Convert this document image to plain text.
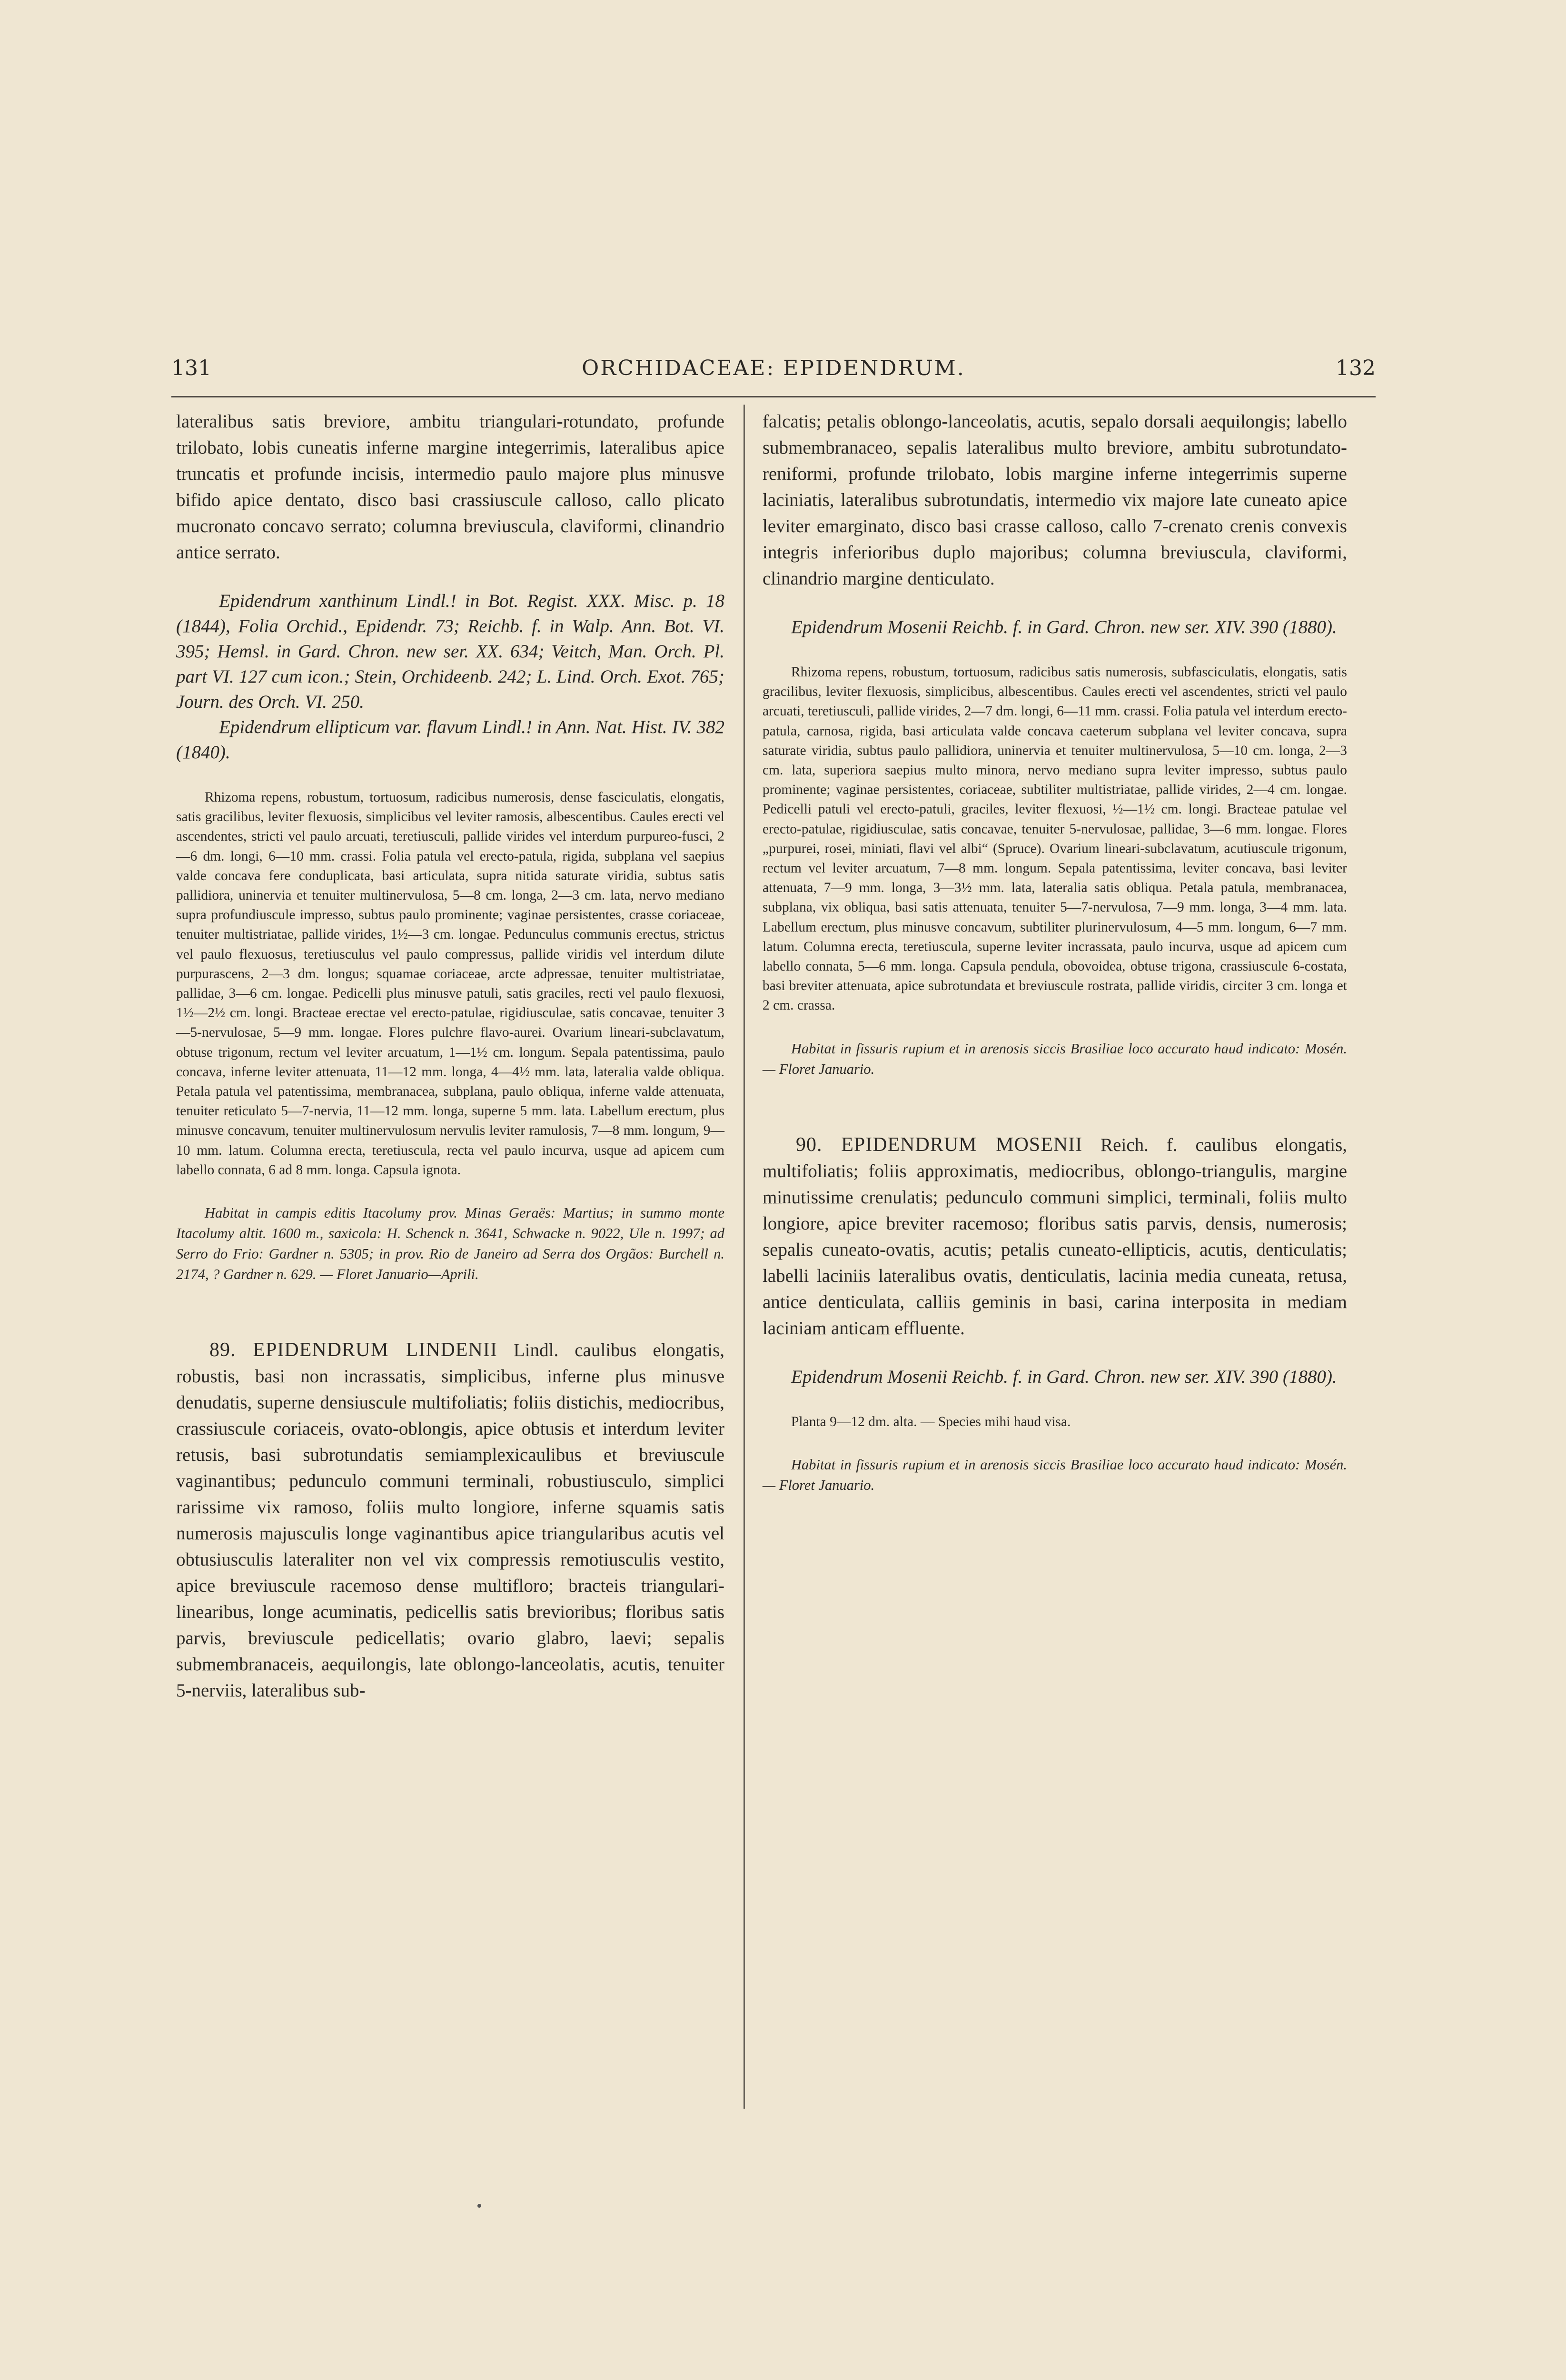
131	ORCHIDACEAE: EPIDENDRUM.	132

lateralibus satis breviore, ambitu triangulari-rotundato, profunde trilobato, lobis cuneatis inferne margine integerrimis, lateralibus apice truncatis et profunde incisis, intermedio paulo majore plus minusve bifido apice dentato, disco basi crassiuscule calloso, callo plicato mucronato concavo serrato; columna breviuscula, claviformi, clinandrio antice serrato.

Epidendrum xanthinum Lindl.! in Bot. Regist. XXX. Misc. p. 18 (1844), Folia Orchid., Epidendr. 73; Reichb. f. in Walp. Ann. Bot. VI. 395; Hemsl. in Gard. Chron. new ser. XX. 634; Veitch, Man. Orch. Pl. part VI. 127 cum icon.; Stein, Orchideenb. 242; L. Lind. Orch. Exot. 765; Journ. des Orch. VI. 250.

Epidendrum ellipticum var. flavum Lindl.! in Ann. Nat. Hist. IV. 382 (1840).

Rhizoma repens, robustum, tortuosum, radicibus numerosis, dense fasciculatis, elongatis, satis gracilibus, leviter flexuosis, simplicibus vel leviter ramosis, albescentibus. Caules erecti vel ascendentes, stricti vel paulo arcuati, teretiusculi, pallide virides vel interdum purpureo-fusci, 2—6 dm. longi, 6—10 mm. crassi. Folia patula vel erecto-patula, rigida, subplana vel saepius valde concava fere conduplicata, basi articulata, supra nitida saturate viridia, subtus satis pallidiora, uninervia et tenuiter multinervulosa, 5—8 cm. longa, 2—3 cm. lata, nervo mediano supra profundiuscule impresso, subtus paulo prominente; vaginae persistentes, crasse coriaceae, tenuiter multistriatae, pallide virides, 1½—3 cm. longae. Pedunculus communis erectus, strictus vel paulo flexuosus, teretiusculus vel paulo compressus, pallide viridis vel interdum dilute purpurascens, 2—3 dm. longus; squamae coriaceae, arcte adpressae, tenuiter multistriatae, pallidae, 3—6 cm. longae. Pedicelli plus minusve patuli, satis graciles, recti vel paulo flexuosi, 1½—2½ cm. longi. Bracteae erectae vel erecto-patulae, rigidiusculae, satis concavae, tenuiter 3—5-nervulosae, 5—9 mm. longae. Flores pulchre flavo-aurei. Ovarium lineari-subclavatum, obtuse trigonum, rectum vel leviter arcuatum, 1—1½ cm. longum. Sepala patentissima, paulo concava, inferne leviter attenuata, 11—12 mm. longa, 4—4½ mm. lata, lateralia valde obliqua. Petala patula vel patentissima, membranacea, subplana, paulo obliqua, inferne valde attenuata, tenuiter reticulato 5—7-nervia, 11—12 mm. longa, superne 5 mm. lata. Labellum erectum, plus minusve concavum, tenuiter multinervulosum nervulis leviter ramulosis, 7—8 mm. longum, 9—10 mm. latum. Columna erecta, teretiuscula, recta vel paulo incurva, usque ad apicem cum labello connata, 6 ad 8 mm. longa. Capsula ignota.

Habitat in campis editis Itacolumy prov. Minas Geraës: Martius; in summo monte Itacolumy altit. 1600 m., saxicola: H. Schenck n. 3641, Schwacke n. 9022, Ule n. 1997; ad Serro do Frio: Gardner n. 5305; in prov. Rio de Janeiro ad Serra dos Orgãos: Burchell n. 2174, ? Gardner n. 629. — Floret Januario—Aprili.

89. EPIDENDRUM LINDENII Lindl. caulibus elongatis, robustis, basi non incrassatis, simplicibus, inferne plus minusve denudatis, superne densiuscule multifoliatis; foliis distichis, mediocribus, crassiuscule coriaceis, ovato-oblongis, apice obtusis et interdum leviter retusis, basi subrotundatis semiamplexicaulibus et breviuscule vaginantibus; pedunculo communi terminali, robustiusculo, simplici rarissime vix ramoso, foliis multo longiore, inferne squamis satis numerosis majusculis longe vaginantibus apice triangularibus acutis vel obtusiusculis lateraliter non vel vix compressis remotiusculis vestito, apice breviuscule racemoso dense multifloro; bracteis triangulari-linearibus, longe acuminatis, pedicellis satis brevioribus; floribus satis parvis, breviuscule pedicellatis; ovario glabro, laevi; sepalis submembranaceis, aequilongis, late oblongo-lanceolatis, acutis, tenuiter 5-nerviis, lateralibus sub-

falcatis; petalis oblongo-lanceolatis, acutis, sepalo dorsali aequilongis; labello submembranaceo, sepalis lateralibus multo breviore, ambitu subrotundato-reniformi, profunde trilobato, lobis margine inferne integerrimis superne laciniatis, lateralibus subrotundatis, intermedio vix majore late cuneato apice leviter emarginato, disco basi crasse calloso, callo 7-crenato crenis convexis integris inferioribus duplo majoribus; columna breviuscula, claviformi, clinandrio margine denticulato.

Epidendrum Mosenii Reichb. f. in Gard. Chron. new ser. XIV. 390 (1880).

Rhizoma repens, robustum, tortuosum, radicibus satis numerosis, subfasciculatis, elongatis, satis gracilibus, leviter flexuosis, simplicibus, albescentibus. Caules erecti vel ascendentes, stricti vel paulo arcuati, teretiusculi, pallide virides, 2—7 dm. longi, 6—11 mm. crassi. Folia patula vel interdum erecto-patula, carnosa, rigida, basi articulata valde concava caeterum subplana vel leviter concava, supra saturate viridia, subtus paulo pallidiora, uninervia et tenuiter multinervulosa, 5—10 cm. longa, 2—3 cm. lata, superiora saepius multo minora, nervo mediano supra leviter impresso, subtus paulo prominente; vaginae persistentes, coriaceae, subtiliter multistriatae, pallide virides, 2—4 cm. longae. Pedicelli patuli vel erecto-patuli, graciles, leviter flexuosi, ½—1½ cm. longi. Bracteae patulae vel erecto-patulae, rigidiusculae, satis concavae, tenuiter 5-nervulosae, pallidae, 3—6 mm. longae. Flores „purpurei, rosei, miniati, flavi vel albi“ (Spruce). Ovarium lineari-subclavatum, acutiuscule trigonum, rectum vel leviter arcuatum, 7—8 mm. longum. Sepala patentissima, leviter concava, basi leviter attenuata, 7—9 mm. longa, 3—3½ mm. lata, lateralia satis obliqua. Petala patula, membranacea, subplana, vix obliqua, basi satis attenuata, tenuiter 5—7-nervulosa, 7—9 mm. longa, 3—4 mm. lata. Labellum erectum, plus minusve concavum, subtiliter plurinervulosum, 4—5 mm. longum, 6—7 mm. latum. Columna erecta, teretiuscula, superne leviter incrassata, paulo incurva, usque ad apicem cum labello connata, 5—6 mm. longa. Capsula pendula, obovoidea, obtuse trigona, crassiuscule 6-costata, basi breviter attenuata, apice subrotundata et breviuscule rostrata, pallide viridis, circiter 3 cm. longa et 2 cm. crassa.

Habitat in fissuris rupium et in arenosis siccis Brasiliae loco accurato haud indicato: Mosén. — Floret Januario.

90. EPIDENDRUM MOSENII Reich. f. caulibus elongatis, multifoliatis; foliis approximatis, mediocribus, oblongo-triangulis, margine minutissime crenulatis; pedunculo communi simplici, terminali, foliis multo longiore, apice breviter racemoso; floribus satis parvis, densis, numerosis; sepalis cuneato-ovatis, acutis; petalis cuneato-ellipticis, acutis, denticulatis; labelli laciniis lateralibus ovatis, denticulatis, lacinia media cuneata, retusa, antice denticulata, calliis geminis in basi, carina interposita in mediam laciniam anticam effluente.

Epidendrum Mosenii Reichb. f. in Gard. Chron. new ser. XIV. 390 (1880).

Planta 9—12 dm. alta. — Species mihi haud visa.

Habitat in fissuris rupium et in arenosis siccis Brasiliae loco accurato haud indicato: Mosén. — Floret Januario.
